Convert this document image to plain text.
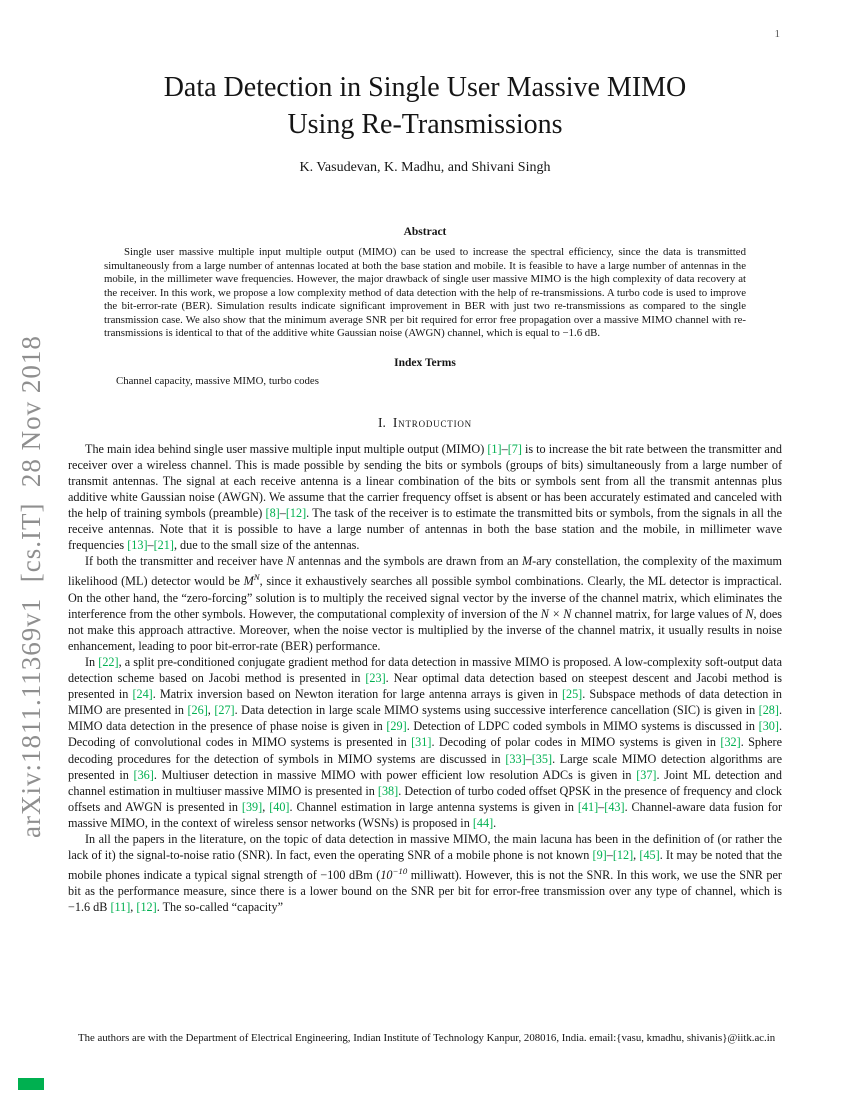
1
arXiv:1811.11369v1  [cs.IT]  28 Nov 2018
Data Detection in Single User Massive MIMO
Using Re-Transmissions
K. Vasudevan, K. Madhu, and Shivani Singh
Abstract

Single user massive multiple input multiple output (MIMO) can be used to increase the spectral efficiency, since the data is transmitted simultaneously from a large number of antennas located at both the base station and mobile. It is feasible to have a large number of antennas in the mobile, in the millimeter wave frequencies. However, the major drawback of single user massive MIMO is the high complexity of data recovery at the receiver. In this work, we propose a low complexity method of data detection with the help of re-transmissions. A turbo code is used to improve the bit-error-rate (BER). Simulation results indicate significant improvement in BER with just two re-transmissions as compared to the single transmission case. We also show that the minimum average SNR per bit required for error free propagation over a massive MIMO channel with re-transmissions is identical to that of the additive white Gaussian noise (AWGN) channel, which is equal to −1.6 dB.

Index Terms

Channel capacity, massive MIMO, turbo codes

I. Introduction

The main idea behind single user massive multiple input multiple output (MIMO) [1]–[7] is to increase the bit rate between the transmitter and receiver over a wireless channel. This is made possible by sending the bits or symbols (groups of bits) simultaneously from a large number of transmit antennas. The signal at each receive antenna is a linear combination of the bits or symbols sent from all the transmit antennas plus additive white Gaussian noise (AWGN). We assume that the carrier frequency offset is absent or has been accurately estimated and canceled with the help of training symbols (preamble) [8]–[12]. The task of the receiver is to estimate the transmitted bits or symbols, from the signals in all the receive antennas. Note that it is possible to have a large number of antennas in both the base station and the mobile, in millimeter wave frequencies [13]–[21], due to the small size of the antennas.

If both the transmitter and receiver have N antennas and the symbols are drawn from an M-ary constellation, the complexity of the maximum likelihood (ML) detector would be $M^N$, since it exhaustively searches all possible symbol combinations. Clearly, the ML detector is impractical. On the other hand, the “zero-forcing” solution is to multiply the received signal vector by the inverse of the channel matrix, which eliminates the interference from the other symbols. However, the computational complexity of inversion of the N × N channel matrix, for large values of N, does not make this approach attractive. Moreover, when the noise vector is multiplied by the inverse of the channel matrix, it usually results in noise enhancement, leading to poor bit-error-rate (BER) performance.

In [22], a split pre-conditioned conjugate gradient method for data detection in massive MIMO is proposed. A low-complexity soft-output data detection scheme based on Jacobi method is presented in [23]. Near optimal data detection based on steepest descent and Jacobi method is presented in [24]. Matrix inversion based on Newton iteration for large antenna arrays is given in [25]. Subspace methods of data detection in MIMO are presented in [26], [27]. Data detection in large scale MIMO systems using successive interference cancellation (SIC) is given in [28]. MIMO data detection in the presence of phase noise is given in [29]. Detection of LDPC coded symbols in MIMO systems is discussed in [30]. Decoding of convolutional codes in MIMO systems is presented in [31]. Decoding of polar codes in MIMO systems is given in [32]. Sphere decoding procedures for the detection of symbols in MIMO systems are discussed in [33]–[35]. Large scale MIMO detection algorithms are presented in [36]. Multiuser detection in massive MIMO with power efficient low resolution ADCs is given in [37]. Joint ML detection and channel estimation in multiuser massive MIMO is presented in [38]. Detection of turbo coded offset QPSK in the presence of frequency and clock offsets and AWGN is presented in [39], [40]. Channel estimation in large antenna systems is given in [41]–[43]. Channel-aware data fusion for massive MIMO, in the context of wireless sensor networks (WSNs) is proposed in [44].

In all the papers in the literature, on the topic of data detection in massive MIMO, the main lacuna has been in the definition of (or rather the lack of it) the signal-to-noise ratio (SNR). In fact, even the operating SNR of a mobile phone is not known [9]–[12], [45]. It may be noted that the mobile phones indicate a typical signal strength of −100 dBm ($10^{-10}$ milliwatt). However, this is not the SNR. In this work, we use the SNR per bit as the performance measure, since there is a lower bound on the SNR per bit for error-free transmission over any type of channel, which is −1.6 dB [11], [12]. The so-called “capacity”

The authors are with the Department of Electrical Engineering, Indian Institute of Technology Kanpur, 208016, India. email:{vasu, kmadhu, shivanis}@iitk.ac.in
